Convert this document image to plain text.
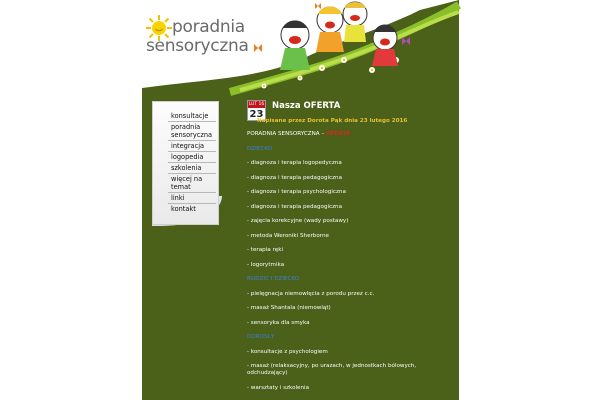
poradnia
sensoryczna
konsultacje
poradnia sensoryczna
integracja
logopedia
szkolenia
więcej na temat
linki
kontakt
LUT 16
23
Nasza OFERTA
Napisane przez Dorota Pąk dnia 23 lutego 2016
PORADNIA SENSORYCZNA – OFERTA
DZIECKO
- diagnoza i terapia logopedyczna
- diagnoza i terapia pedagogiczna
- diagnoza i terapia psychologiczna
- diagnoza i terapia pedagogiczna
- zajęcia korekcyjne (wady postawy)
- metoda Weroniki Sherborne
- terapia ręki
- logorytmika
RODZIC I DZIECKO
- pielęgnacja niemowlęcia z porodu przez c.c.
- masaż Shantala (niemowląt)
- sensoryka dla smyka
DOROSŁY
- konsultacje z psychologiem
- masaż (relaksacyjny, po urazach, w jednostkach bólowych, odchudzający)
- warsztaty i szkolenia
